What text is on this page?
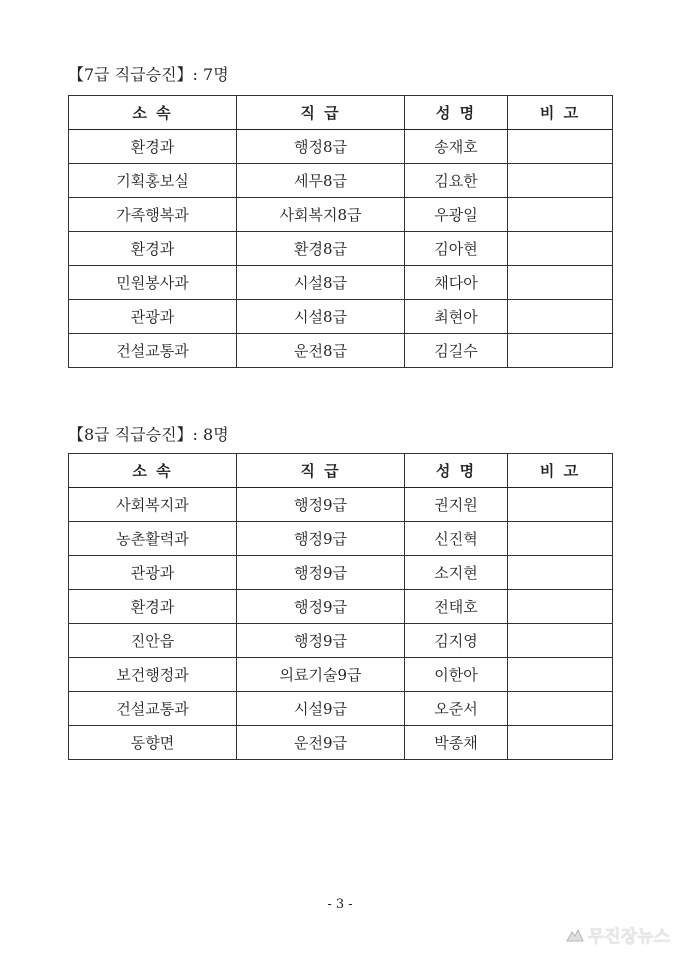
【7급 직급승진】: 7명
소 속	직 급	성 명	비 고
환경과	행정8급	송재호	
기획홍보실	세무8급	김요한	
가족행복과	사회복지8급	우광일	
환경과	환경8급	김아현	
민원봉사과	시설8급	채다아	
관광과	시설8급	최현아	
건설교통과	운전8급	김길수	
【8급 직급승진】: 8명
소 속	직 급	성 명	비 고
사회복지과	행정9급	권지원	
농촌활력과	행정9급	신진혁	
관광과	행정9급	소지현	
환경과	행정9급	전태호	
진안읍	행정9급	김지영	
보건행정과	의료기술9급	이한아	
건설교통과	시설9급	오준서	
동향면	운전9급	박종채	
- 3 -
무진장뉴스
